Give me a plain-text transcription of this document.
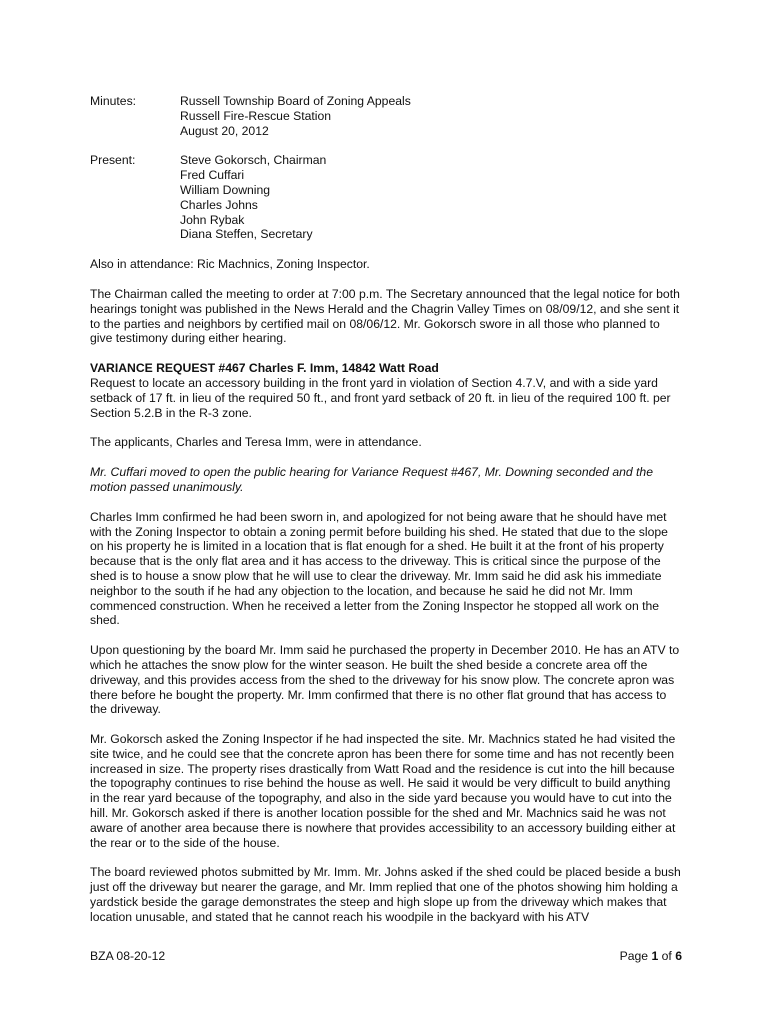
Minutes:	Russell Township Board of Zoning Appeals
Russell Fire-Rescue Station
August 20, 2012
Present:	Steve Gokorsch, Chairman
Fred Cuffari
William Downing
Charles Johns
John Rybak
Diana Steffen, Secretary

Also in attendance: Ric Machnics, Zoning Inspector.

The Chairman called the meeting to order at 7:00 p.m. The Secretary announced that the legal notice for both hearings tonight was published in the News Herald and the Chagrin Valley Times on 08/09/12, and she sent it to the parties and neighbors by certified mail on 08/06/12. Mr. Gokorsch swore in all those who planned to give testimony during either hearing.

VARIANCE REQUEST #467 Charles F. Imm, 14842 Watt Road

Request to locate an accessory building in the front yard in violation of Section 4.7.V, and with a side yard setback of 17 ft. in lieu of the required 50 ft., and front yard setback of 20 ft. in lieu of the required 100 ft. per Section 5.2.B in the R-3 zone.

The applicants, Charles and Teresa Imm, were in attendance.

Mr. Cuffari moved to open the public hearing for Variance Request #467, Mr. Downing seconded and the motion passed unanimously.

Charles Imm confirmed he had been sworn in, and apologized for not being aware that he should have met with the Zoning Inspector to obtain a zoning permit before building his shed. He stated that due to the slope on his property he is limited in a location that is flat enough for a shed. He built it at the front of his property because that is the only flat area and it has access to the driveway. This is critical since the purpose of the shed is to house a snow plow that he will use to clear the driveway. Mr. Imm said he did ask his immediate neighbor to the south if he had any objection to the location, and because he said he did not Mr. Imm commenced construction. When he received a letter from the Zoning Inspector he stopped all work on the shed.

Upon questioning by the board Mr. Imm said he purchased the property in December 2010. He has an ATV to which he attaches the snow plow for the winter season. He built the shed beside a concrete area off the driveway, and this provides access from the shed to the driveway for his snow plow. The concrete apron was there before he bought the property. Mr. Imm confirmed that there is no other flat ground that has access to the driveway.

Mr. Gokorsch asked the Zoning Inspector if he had inspected the site. Mr. Machnics stated he had visited the site twice, and he could see that the concrete apron has been there for some time and has not recently been increased in size. The property rises drastically from Watt Road and the residence is cut into the hill because the topography continues to rise behind the house as well. He said it would be very difficult to build anything in the rear yard because of the topography, and also in the side yard because you would have to cut into the hill. Mr. Gokorsch asked if there is another location possible for the shed and Mr. Machnics said he was not aware of another area because there is nowhere that provides accessibility to an accessory building either at the rear or to the side of the house.

The board reviewed photos submitted by Mr. Imm. Mr. Johns asked if the shed could be placed beside a bush just off the driveway but nearer the garage, and Mr. Imm replied that one of the photos showing him holding a yardstick beside the garage demonstrates the steep and high slope up from the driveway which makes that location unusable, and stated that he cannot reach his woodpile in the backyard with his ATV

BZA 08-20-12	Page 1 of 6
